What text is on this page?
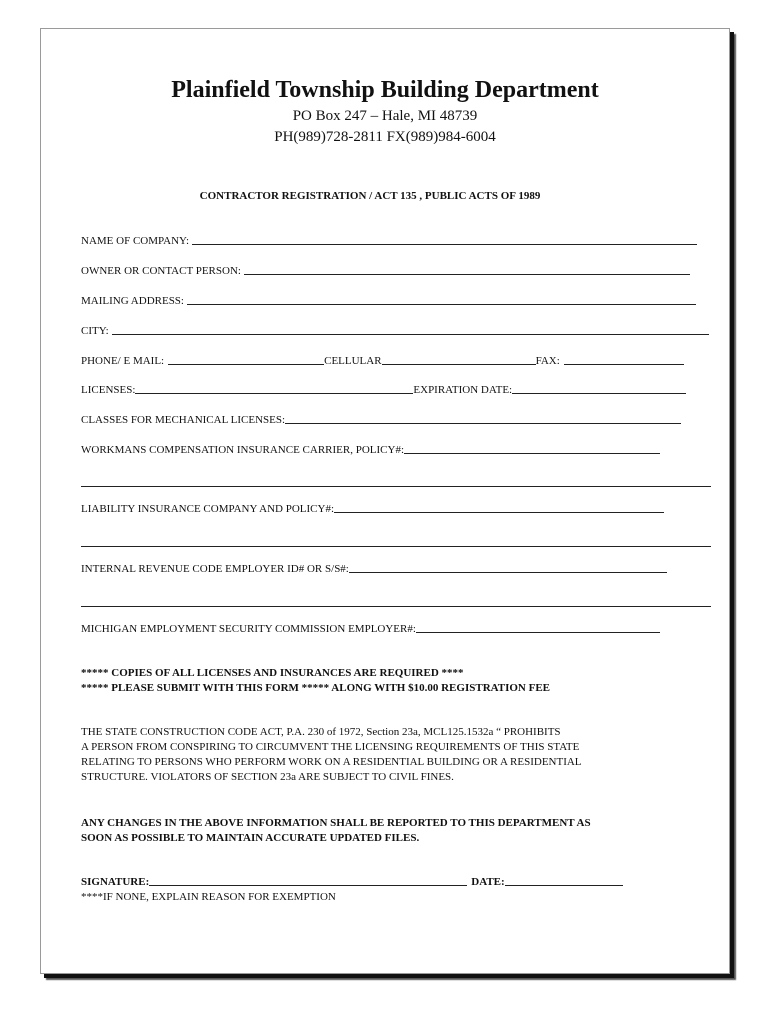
Plainfield Township Building Department
PO Box 247 – Hale, MI 48739
PH(989)728-2811 FX(989)984-6004
CONTRACTOR REGISTRATION / ACT 135 , PUBLIC ACTS OF 1989
NAME OF COMPANY:
OWNER OR CONTACT PERSON:
MAILING ADDRESS:
CITY:
PHONE/ E MAIL:	CELLULAR	FAX:
LICENSES:	EXPIRATION DATE:
CLASSES FOR MECHANICAL LICENSES:
WORKMANS COMPENSATION INSURANCE CARRIER, POLICY#:
LIABILITY INSURANCE COMPANY AND POLICY#:
INTERNAL REVENUE CODE EMPLOYER ID# OR S/S#:
MICHIGAN EMPLOYMENT SECURITY COMMISSION EMPLOYER#:
***** COPIES OF ALL LICENSES AND INSURANCES ARE REQUIRED ****
***** PLEASE SUBMIT WITH THIS FORM ***** ALONG WITH $10.00 REGISTRATION FEE
THE STATE CONSTRUCTION CODE ACT, P.A. 230 of 1972, Section 23a, MCL125.1532a “ PROHIBITS
A PERSON FROM CONSPIRING TO CIRCUMVENT THE LICENSING REQUIREMENTS OF THIS STATE
RELATING TO PERSONS WHO PERFORM WORK ON A RESIDENTIAL BUILDING OR A RESIDENTIAL
STRUCTURE. VIOLATORS OF SECTION 23a ARE SUBJECT TO CIVIL FINES.
ANY CHANGES IN THE ABOVE INFORMATION SHALL BE REPORTED TO THIS DEPARTMENT AS
SOON AS POSSIBLE TO MAINTAIN ACCURATE UPDATED FILES.
SIGNATURE:	DATE:
****IF NONE, EXPLAIN REASON FOR EXEMPTION
